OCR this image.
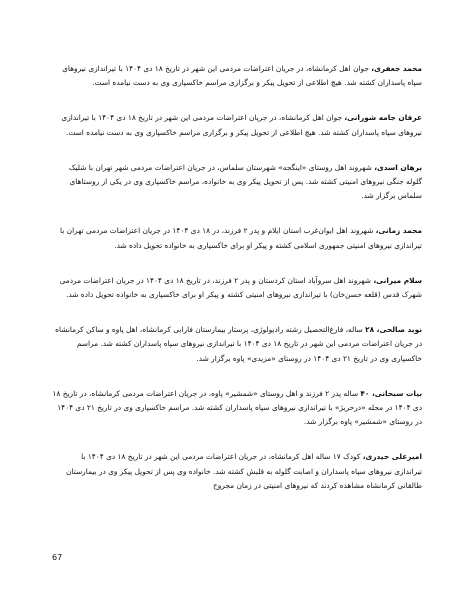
محمد جعفری، جوان اهل کرمانشاه، در جریان اعتراضات مردمی این شهر در تاریخ ۱۸ دی ۱۴۰۴ با تیراندازی نیروهای سپاه پاسداران کشته شد. هیچ اطلاعی از تحویل پیکر و برگزاری مراسم خاکسپاری وی به دست نیامده است.

عرفان جامه شورانی، جوان اهل کرمانشاه، در جریان اعتراضات مردمی این شهر در تاریخ ۱۸ دی ۱۴۰۴ با تیراندازی نیروهای سپاه پاسداران کشته شد. هیچ اطلاعی از تحویل پیکر و برگزاری مراسم خاکسپاری وی به دست نیامده است.

برهان اسدی، شهروند اهل روستای «اینگجه» شهرستان سلماس، در جریان اعتراضات مردمی شهر تهران با شلیک گلوله جنگی نیروهای امنیتی کشته شد. پس از تحویل پیکر وی به خانواده، مراسم خاکسپاری وی در یکی از روستاهای سلماس برگزار شد.

محمد زمانی، شهروند اهل ایوان‌غرب استان ایلام و پدر ۲ فرزند، در ۱۸ دی ۱۴۰۴ در جریان اعتراضات مردمی تهران با تیراندازی نیروهای امنیتی جمهوری اسلامی کشته و پیکر او برای خاکسپاری به خانواده تحویل داده شد.

سلام میرانی، شهروند اهل سروآباد استان کردستان و پدر ۲ فرزند، در تاریخ ۱۸ دی ۱۴۰۴ در جریان اعتراضات مردمی شهرک قدس (قلعه حسن‌خان) با تیراندازی نیروهای امنیتی کشته و پیکر او برای خاکسپاری به خانواده تحویل داده شد.

نوید صالحی، ۲۸ ساله، فارغ‌التحصیل رشته رادیولوژی، پرستار بیمارستان فارابی کرمانشاه، اهل پاوه و ساکن کرمانشاه در جریان اعتراضات مردمی این شهر در تاریخ ۱۸ دی ۱۴۰۴ با تیراندازی نیروهای سپاه پاسداران کشته شد. مراسم خاکسپاری وی در تاریخ ۲۱ دی ۱۴۰۴ در روستای «مزیدی» پاوه برگزار شد.

بیات سبحانی، ۴۰ ساله پدر ۲ فرزند و اهل روستای «شمشیر» پاوه، در جریان اعتراضات مردمی کرمانشاه، در تاریخ ۱۸ دی ۱۴۰۴ در محله «درحریژ» با تیراندازی نیروهای سپاه پاسداران کشته شد. مراسم خاکسپاری وی در تاریخ ۲۱ دی ۱۴۰۴ در روستای «شمشیر» پاوه برگزار شد.

امیرعلی حیدری، کودک ۱۷ ساله اهل کرمانشاه، در جریان اعتراضات مردمی این شهر در تاریخ ۱۸ دی ۱۴۰۴ با تیراندازی نیروهای سپاه پاسداران و اصابت گلوله به قلبش کشته شد. خانواده وی پس از تحویل پیکر وی در بیمارستان طالقانی کرمانشاه مشاهده کردند که نیروهای امنیتی در زمان مجروح

67
